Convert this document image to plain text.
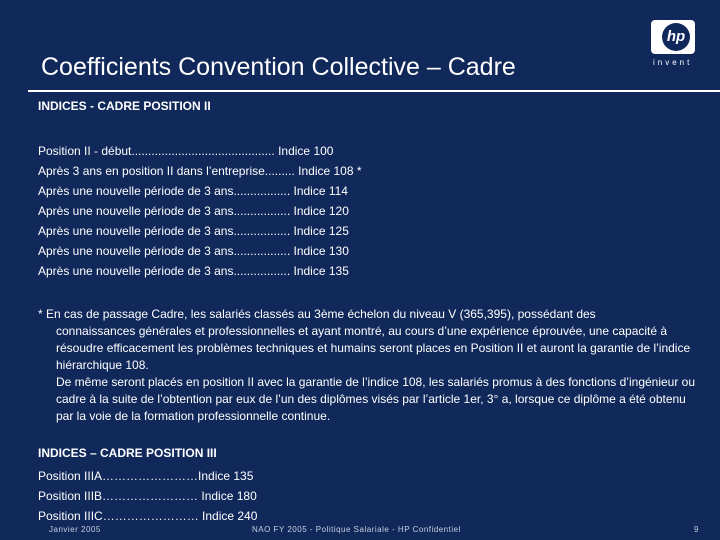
Coefficients Convention Collective – Cadre
hp
invent
INDICES - CADRE POSITION II
Position II - début........................................... Indice 100
Après 3 ans en position II dans l’entreprise......... Indice 108 *
Après une nouvelle période de 3 ans................. Indice 114
Après une nouvelle période de 3 ans................. Indice 120
Après une nouvelle période de 3 ans................. Indice 125
Après une nouvelle période de 3 ans................. Indice 130
Après une nouvelle période de 3 ans................. Indice 135
* En cas de passage Cadre, les salariés classés au 3ème échelon du niveau V (365,395), possédant des
connaissances générales et professionnelles et ayant montré, au cours d’une expérience éprouvée, une capacité à résoudre efficacement les problèmes techniques et humains seront places en Position II et auront la garantie de l’indice hiérarchique 108.
De même seront placés en position II avec la garantie de l’indice 108, les salariés promus à des fonctions d’ingénieur ou cadre à la suite de l’obtention par eux de l’un des diplômes visés par l’article 1er, 3° a, lorsque ce diplôme a été obtenu par la voie de la formation professionnelle continue.
INDICES – CADRE POSITION III
Position IIIA……………………Indice 135
Position IIIB…………………… Indice 180
Position IIIC…………………… Indice 240
Janvier 2005	NAO FY 2005 - Politique Salariale - HP Confidentiel	9
